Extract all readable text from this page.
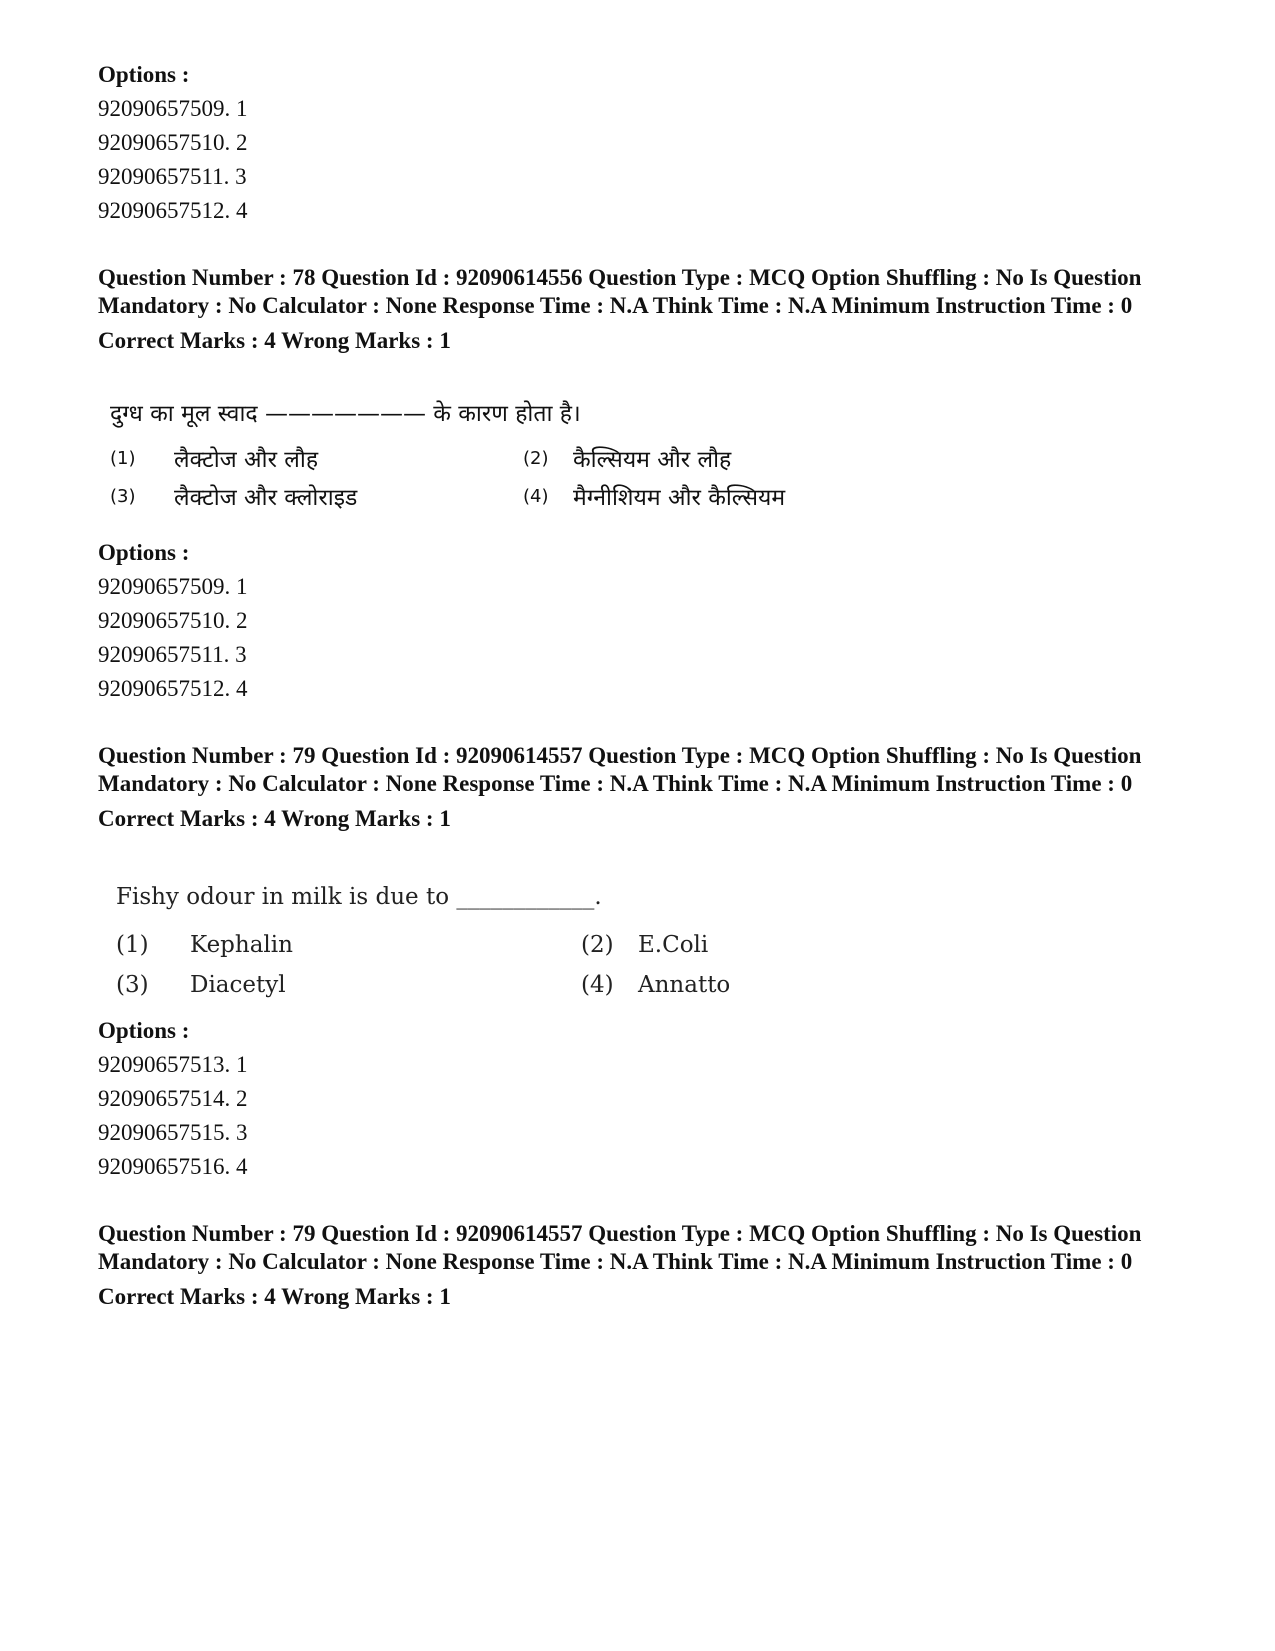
Options :
92090657509. 1
92090657510. 2
92090657511. 3
92090657512. 4
Question Number : 78 Question Id : 92090614556 Question Type : MCQ Option Shuffling : No Is Question Mandatory : No Calculator : None Response Time : N.A Think Time : N.A Minimum Instruction Time : 0
Correct Marks : 4 Wrong Marks : 1
दुग्ध का मूल स्वाद ——————— के कारण होता है।
(1) लैक्टोज और लौह	(2) कैल्सियम और लौह
(3) लैक्टोज और क्लोराइड	(4) मैग्नीशियम और कैल्सियम
Options :
92090657509. 1
92090657510. 2
92090657511. 3
92090657512. 4
Question Number : 79 Question Id : 92090614557 Question Type : MCQ Option Shuffling : No Is Question Mandatory : No Calculator : None Response Time : N.A Think Time : N.A Minimum Instruction Time : 0
Correct Marks : 4 Wrong Marks : 1
Fishy odour in milk is due to ____________.
(1) Kephalin	(2) E.Coli
(3) Diacetyl	(4) Annatto
Options :
92090657513. 1
92090657514. 2
92090657515. 3
92090657516. 4
Question Number : 79 Question Id : 92090614557 Question Type : MCQ Option Shuffling : No Is Question Mandatory : No Calculator : None Response Time : N.A Think Time : N.A Minimum Instruction Time : 0
Correct Marks : 4 Wrong Marks : 1
